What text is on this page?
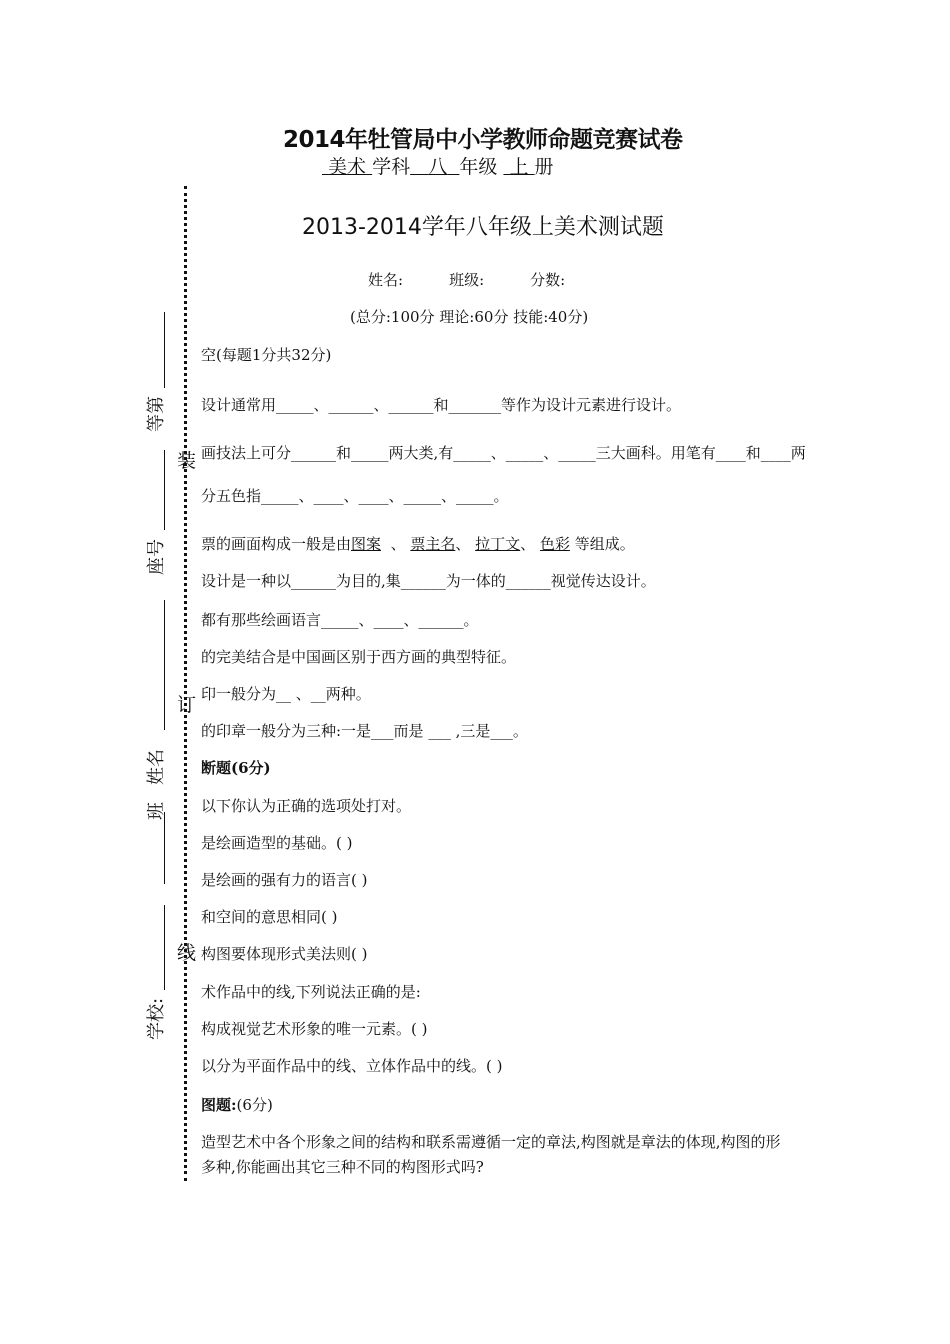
2014年牡管局中小学教师命题竞赛试卷
美术 学科 八 年级 上 册
2013-2014学年八年级上美术测试题
姓名:	班级:	分数:
(总分:100分 理论:60分 技能:40分)
空(每题1分共32分)
设计通常用_____、______、______和_______等作为设计元素进行设计。
画技法上可分______和_____两大类,有_____、_____、_____三大画科。用笔有____和____两
分五色指_____、____、____、_____、_____。
票的画面构成一般是由图案  、 票主名、 拉丁文、 色彩 等组成。
设计是一种以______为目的,集______为一体的______视觉传达设计。
都有那些绘画语言_____、____、______。
的完美结合是中国画区别于西方画的典型特征。
印一般分为__ 、__两种。
的印章一般分为三种:一是___而是 ___ ,三是___。
断题(6分)
以下你认为正确的选项处打对。
是绘画造型的基础。( )
是绘画的强有力的语言( )
和空间的意思相同( )
构图要体现形式美法则( )
术作品中的线,下列说法正确的是:
构成视觉艺术形象的唯一元素。( )
以分为平面作品中的线、立体作品中的线。( )
图题:(6分)
造型艺术中各个形象之间的结构和联系需遵循一定的章法,构图就是章法的体现,构图的形
多种,你能画出其它三种不同的构图形式吗?
装
订
线
等第
座号
姓名
班
学校:
